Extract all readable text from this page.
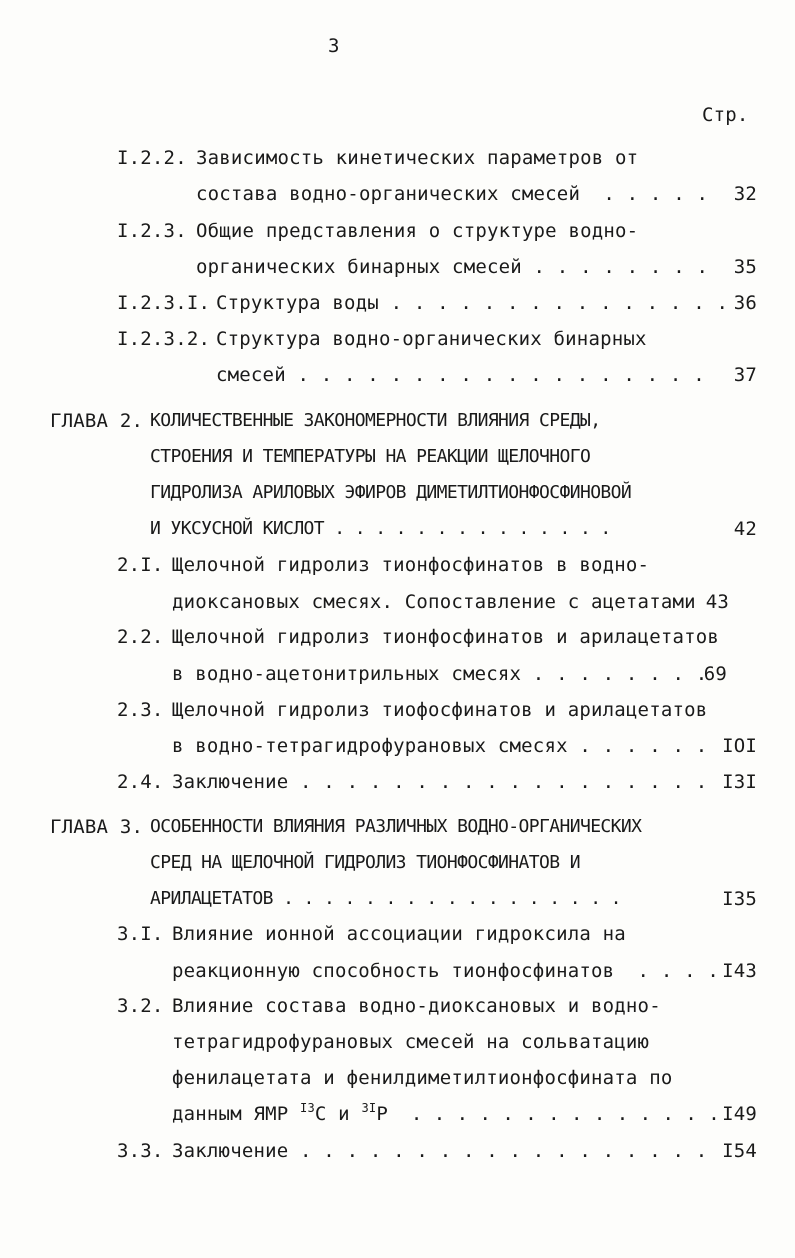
3
Стр.
I.2.2. Зависимость кинетических параметров от
состава водно-органических смесей  . . . . . 32
I.2.3. Общие представления о структуре водно-
органических бинарных смесей . . . . . . . . 35
I.2.3.I. Структура воды . . . . . . . . . . . . . . . 36
I.2.3.2. Структура водно-органических бинарных
смесей . . . . . . . . . . . . . . . . . . 37
ГЛАВА 2. КОЛИЧЕСТВЕННЫЕ ЗАКОНОМЕРНОСТИ ВЛИЯНИЯ СРЕДЫ,
СТРОЕНИЯ И ТЕМПЕРАТУРЫ НА РЕАКЦИИ ЩЕЛОЧНОГО
ГИДРОЛИЗА АРИЛОВЫХ ЭФИРОВ ДИМЕТИЛТИОНФОСФИНОВОЙ
И УКСУСНОЙ КИСЛОТ . . . . . . . . . . . . . .	42
2.I. Щелочной гидролиз тионфосфинатов в водно-
диоксановых смесях. Сопоставление с ацетатами 43
2.2. Щелочной гидролиз тионфосфинатов и арилацетатов
в водно-ацетонитрильных смесях . . . . . . . .
69
2.3. Щелочной гидролиз тиофосфинатов и арилацетатов
в водно-тетрагидрофурановых смесях . . . . . . IOI
2.4. Заключение . . . . . . . . . . . . . . . . . . I3I
ГЛАВА 3. ОСОБЕННОСТИ ВЛИЯНИЯ РАЗЛИЧНЫХ ВОДНО-ОРГАНИЧЕСКИХ
СРЕД НА ЩЕЛОЧНОЙ ГИДРОЛИЗ ТИОНФОСФИНАТОВ И
АРИЛАЦЕТАТОВ . . . . . . . . . . . . . . . . .	I35
3.I. Влияние ионной ассоциации гидроксила на
реакционную способность тионфосфинатов  . . . . I43
3.2. Влияние состава водно-диоксановых и водно-
тетрагидрофурановых смесей на сольватацию
фенилацетата и фенилдиметилтионфосфината по
данным ЯМР $^{I3}$C и $^{3I}$P  . . . . . . . . . . . . . . I49
3.3. Заключение . . . . . . . . . . . . . . . . . . I54
